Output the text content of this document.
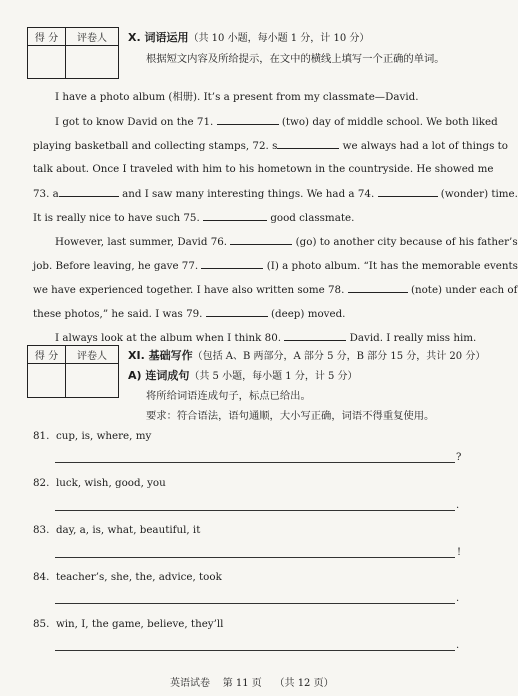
得 分	评卷人	X. 词语运用（共 10 小题，每小题 1 分，计 10 分）
根据短文内容及所给提示，在文中的横线上填写一个正确的单词。
I have a photo album (相册). It’s a present from my classmate—David.
I got to know David on the 71.	(two) day of middle school. We both liked
playing basketball and collecting stamps, 72. s	we always had a lot of things to
talk about. Once I traveled with him to his hometown in the countryside. He showed me
73. a	and I saw many interesting things. We had a 74.	(wonder) time.
It is really nice to have such 75.	good classmate.
However, last summer, David 76.	(go) to another city because of his father’s
job. Before leaving, he gave 77.	(I) a photo album. “It has the memorable events
we have experienced together. I have also written some 78.	(note) under each of
these photos,” he said. I was 79.	(deep) moved.
I always look at the album when I think 80.	David. I really miss him.
得 分	评卷人	XI. 基础写作（包括 A、B 两部分，A 部分 5 分，B 部分 15 分，共计 20 分）
A) 连词成句（共 5 小题，每小题 1 分，计 5 分）
将所给词语连成句子，标点已给出。
要求：符合语法，语句通顺，大小写正确，词语不得重复使用。
81. cup, is, where, my
?
82. luck, wish, good, you
.
83. day, a, is, what, beautiful, it
!
84. teacher’s, she, the, advice, took
.
85. win, I, the game, believe, they’ll
.
英语试卷    第 11 页    （共 12 页）
